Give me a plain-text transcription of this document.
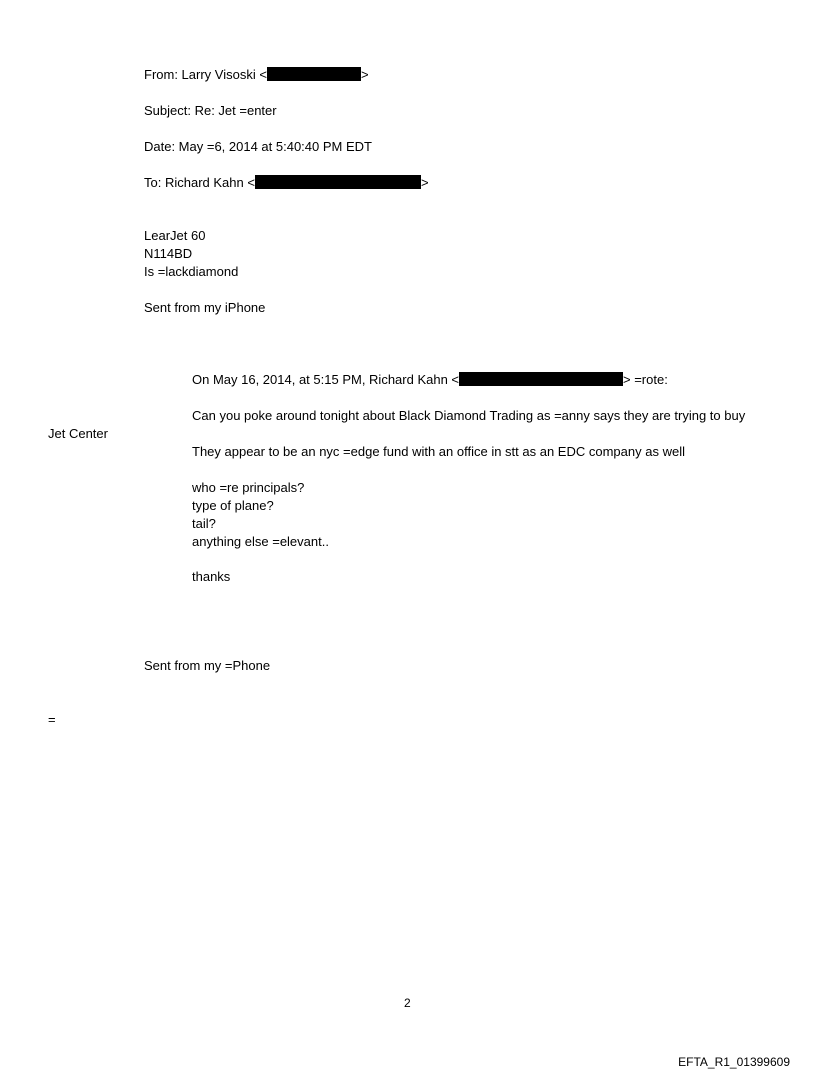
From: Larry Visoski <	>
Subject: Re: Jet =enter
Date: May =6, 2014 at 5:40:40 PM EDT
To: Richard Kahn <	>
LearJet 60
N114BD
Is =lackdiamond
Sent from my iPhone
On May 16, 2014, at 5:15 PM, Richard Kahn <	> =rote:
Can you poke around tonight about Black Diamond Trading as =anny says they are trying to buy
Jet Center
They appear to be an nyc =edge fund with an office in stt as an EDC company as well
who =re principals?
type of plane?
tail?
anything else =elevant..
thanks
Sent from my =Phone
=
2
EFTA_R1_01399609
